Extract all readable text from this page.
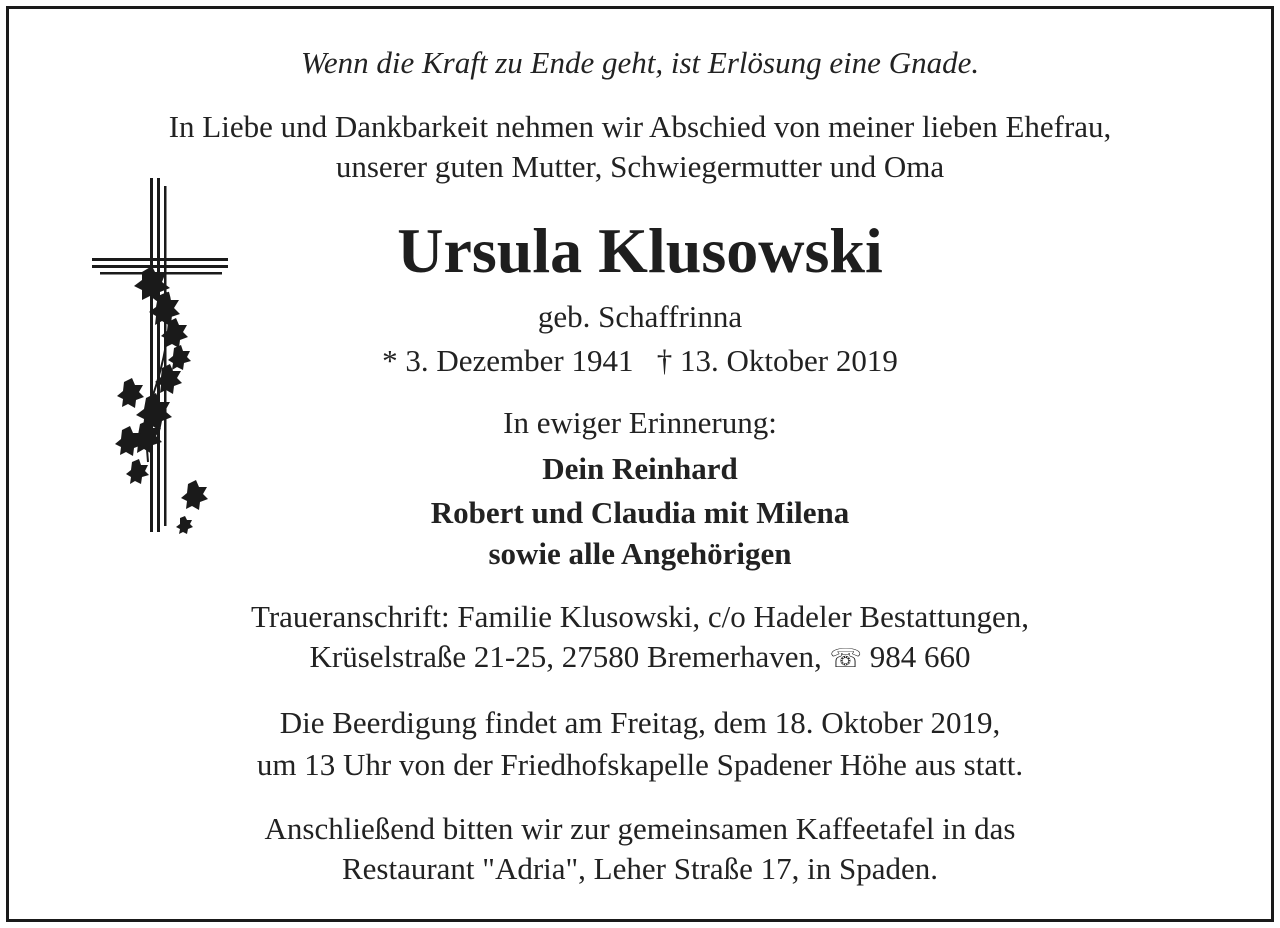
Wenn die Kraft zu Ende geht, ist Erlösung eine Gnade.
In Liebe und Dankbarkeit nehmen wir Abschied von meiner lieben Ehefrau,
unserer guten Mutter, Schwiegermutter und Oma
Ursula Klusowski
geb. Schaffrinna
* 3. Dezember 1941   † 13. Oktober 2019
In ewiger Erinnerung:
Dein Reinhard
Robert und Claudia mit Milena
sowie alle Angehörigen
Traueranschrift: Familie Klusowski, c/o Hadeler Bestattungen,
Krüselstraße 21-25, 27580 Bremerhaven, ☏ 984 660
Die Beerdigung findet am Freitag, dem 18. Oktober 2019,
um 13 Uhr von der Friedhofskapelle Spadener Höhe aus statt.
Anschließend bitten wir zur gemeinsamen Kaffeetafel in das
Restaurant "Adria", Leher Straße 17, in Spaden.
